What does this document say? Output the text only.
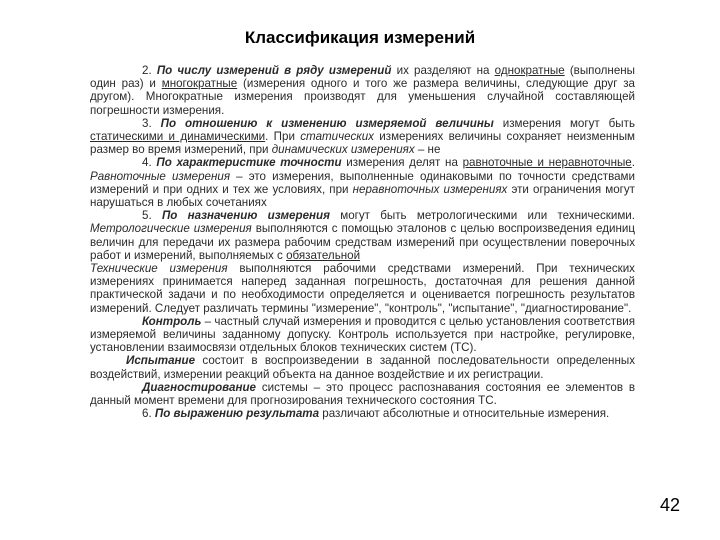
Классификация измерений

2. По числу измерений в ряду измерений их разделяют на однократные (выполнены один раз) и многократные (измерения одного и того же размера величины, следующие друг за другом). Многократные измерения производят для уменьшения случайной составляющей погрешности измерения.

3. По отношению к изменению измеряемой величины измерения могут быть статическими и динамическими. При статических измерениях величины сохраняет неизменным размер во время измерений, при динамических измерениях – не

4. По характеристике точности измерения делят на равноточные и неравноточные. Равноточные измерения – это измерения, выполненные одинаковыми по точности средствами измерений и при одних и тех же условиях, при неравноточных измерениях эти ограничения могут нарушаться в любых сочетаниях

5. По назначению измерения могут быть метрологическими или техническими. Метрологические измерения выполняются с помощью эталонов с целью воспроизведения единиц величин для передачи их размера рабочим средствам измерений при осуществлении поверочных работ и измерений, выполняемых с обязательной
Технические измерения выполняются рабочими средствами измерений. При технических измерениях принимается наперед заданная погрешность, достаточная для решения данной практической задачи и по необходимости определяется и оценивается погрешность результатов измерений. Следует различать термины "измерение", "контроль", "испытание", "диагностирование".

Контроль – частный случай измерения и проводится с целью установления соответствия измеряемой величины заданному допуску. Контроль используется при настройке, регулировке, установлении взаимосвязи отдельных блоков технических систем (ТС).

Испытание состоит в воспроизведении в заданной последовательности определенных воздействий, измерении реакций объекта на данное воздействие и их регистрации.

Диагностирование системы – это процесс распознавания состояния ее элементов в данный момент времени для прогнозирования технического состояния ТС.

6. По выражению результата различают абсолютные и относительные измерения.

42
